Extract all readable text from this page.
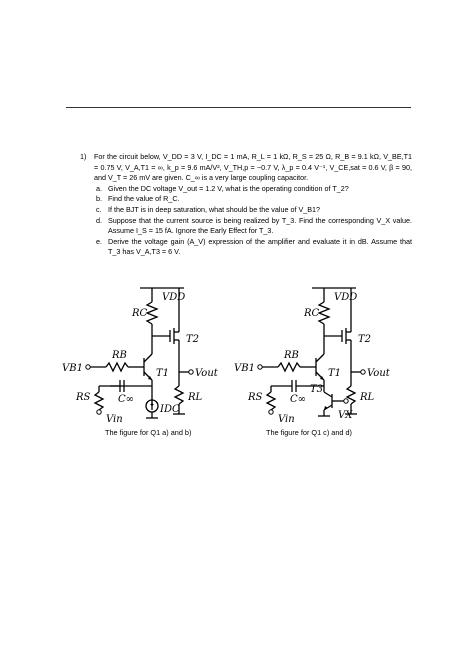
1) For the circuit below, V_DD = 3 V, I_DC = 1 mA, R_L = 1 kΩ, R_S = 25 Ω, R_B = 9.1 kΩ, V_BE,T1 = 0.75 V, V_A,T1 = ∞, k_p = 9.6 mA/V², V_TH,p = −0.7 V, λ_p = 0.4 V⁻¹, V_CE,sat = 0.6 V, β = 90, and V_T = 26 mV are given. C_∞ is a very large coupling capacitor.

a. Given the DC voltage V_out = 1.2 V, what is the operating condition of T_2?
b. Find the value of R_C.
c. If the BJT is in deep saturation, what should be the value of V_B1?
d. Suppose that the current source is being realized by T_3. Find the corresponding V_X value. Assume I_S = 15 fA. Ignore the Early Effect for T_3.
e. Derive the voltage gain (A_V) expression of the amplifier and evaluate it in dB. Assume that T_3 has V_A,T3 = 6 V.
VDD
RC
RB
VB1	T1
T2
Vout
RS	C∞
IDC
RL
Vin
VDD
RC
RB
VB1	T1
T2
Vout
RS	C∞
T3
VX
RL
Vin
The figure for Q1 a) and b)	The figure for Q1 c) and d)
